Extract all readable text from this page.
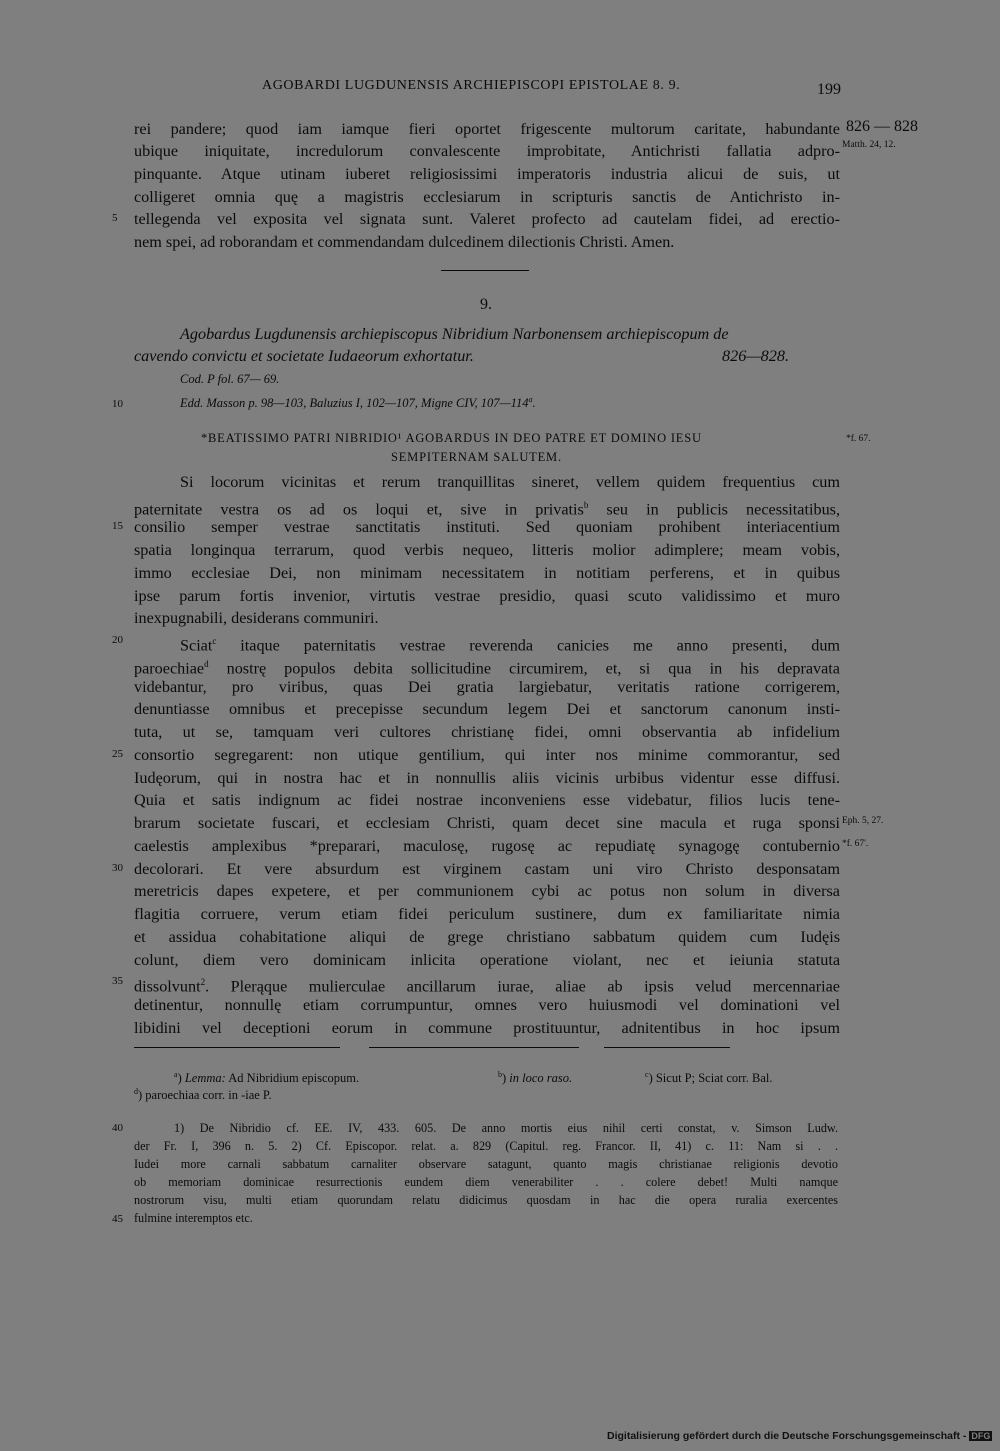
AGOBARDI LUGDUNENSIS ARCHIEPISCOPI EPISTOLAE 8. 9.	199
rei pandere; quod iam iamque fieri oportet frigescente multorum caritate, habundante
ubique iniquitate, incredulorum convalescente improbitate, Antichristi fallatia adpro-
pinquante. Atque utinam iuberet religiosissimi imperatoris industria alicui de suis, ut
colligeret omnia quę a magistris ecclesiarum in scripturis sanctis de Antichristo in-
tellegenda vel exposita vel signata sunt. Valeret profecto ad cautelam fidei, ad erectio-
nem spei, ad roborandam et commendandam dulcedinem dilectionis Christi. Amen.
826 — 828
Matth. 24, 12.
5
9.
Agobardus Lugdunensis archiepiscopus Nibridium Narbonensem archiepiscopum de
cavendo convictu et societate Iudaeorum exhortatur.	826—828.
Cod. P fol. 67— 69.
Edd. Masson p. 98—103, Baluzius I, 102—107, Migne CIV, 107—114$^a$.
10
*BEATISSIMO PATRI NIBRIDIO¹ AGOBARDUS IN DEO PATRE ET DOMINO IESU
SEMPITERNAM SALUTEM.
*f. 67.
Si locorum vicinitas et rerum tranquillitas sineret, vellem quidem frequentius cum
paternitate vestra os ad os loqui et, sive in privatis$^b$ seu in publicis necessitatibus,
consilio semper vestrae sanctitatis instituti. Sed quoniam prohibent interiacentium
spatia longinqua terrarum, quod verbis nequeo, litteris molior adimplere; meam vobis,
immo ecclesiae Dei, non minimam necessitatem in notitiam perferens, et in quibus
ipse parum fortis invenior, virtutis vestrae presidio, quasi scuto validissimo et muro
inexpugnabili, desiderans communiri.
Sciat$^c$ itaque paternitatis vestrae reverenda canicies me anno presenti, dum
paroechiae$^d$ nostrę populos debita sollicitudine circumirem, et, si qua in his depravata
videbantur, pro viribus, quas Dei gratia largiebatur, veritatis ratione corrigerem,
denuntiasse omnibus et precepisse secundum legem Dei et sanctorum canonum insti-
tuta, ut se, tamquam veri cultores christianę fidei, omni observantia ab infidelium
consortio segregarent: non utique gentilium, qui inter nos minime commorantur, sed
Iudęorum, qui in nostra hac et in nonnullis aliis vicinis urbibus videntur esse diffusi.
Quia et satis indignum ac fidei nostrae inconveniens esse videbatur, filios lucis tene-
brarum societate fuscari, et ecclesiam Christi, quam decet sine macula et ruga sponsi
caelestis amplexibus *preparari, maculosę, rugosę ac repudiatę synagogę contubernio
decolorari. Et vere absurdum est virginem castam uni viro Christo desponsatam
meretricis dapes expetere, et per communionem cybi ac potus non solum in diversa
flagitia corruere, verum etiam fidei periculum sustinere, dum ex familiaritate nimia
et assidua cohabitatione aliqui de grege christiano sabbatum quidem cum Iudęis
colunt, diem vero dominicam inlicita operatione violant, nec et ieiunia statuta
dissolvunt$^2$. Plerąque mulierculae ancillarum iurae, aliae ab ipsis velud mercennariae
detinentur, nonnullę etiam corrumpuntur, omnes vero huiusmodi vel dominationi vel
libidini vel deceptioni eorum in commune prostituuntur, adnitentibus in hoc ipsum
15
20
25
30
35
Eph. 5, 27.
*f. 67'.
$^a$) Lemma: Ad Nibridium episcopum.	$^b$) in loco raso.	$^c$) Sicut P; Sciat corr. Bal.
$^d$) paroechiaa corr. in -iae P.
1) De Nibridio cf. EE. IV, 433. 605. De anno mortis eius nihil certi constat, v. Simson Ludw.
der Fr. I, 396 n. 5. 2) Cf. Episcopor. relat. a. 829 (Capitul. reg. Francor. II, 41) c. 11: Nam si . .
Iudei more carnali sabbatum carnaliter observare satagunt, quanto magis christianae religionis devotio
ob memoriam dominicae resurrectionis eundem diem venerabiliter . . colere debet! Multi namque
nostrorum visu, multi etiam quorundam relatu didicimus quosdam in hac die opera ruralia exercentes
fulmine interemptos etc.
40
45
Digitalisierung gefördert durch die Deutsche Forschungsgemeinschaft - DFG
